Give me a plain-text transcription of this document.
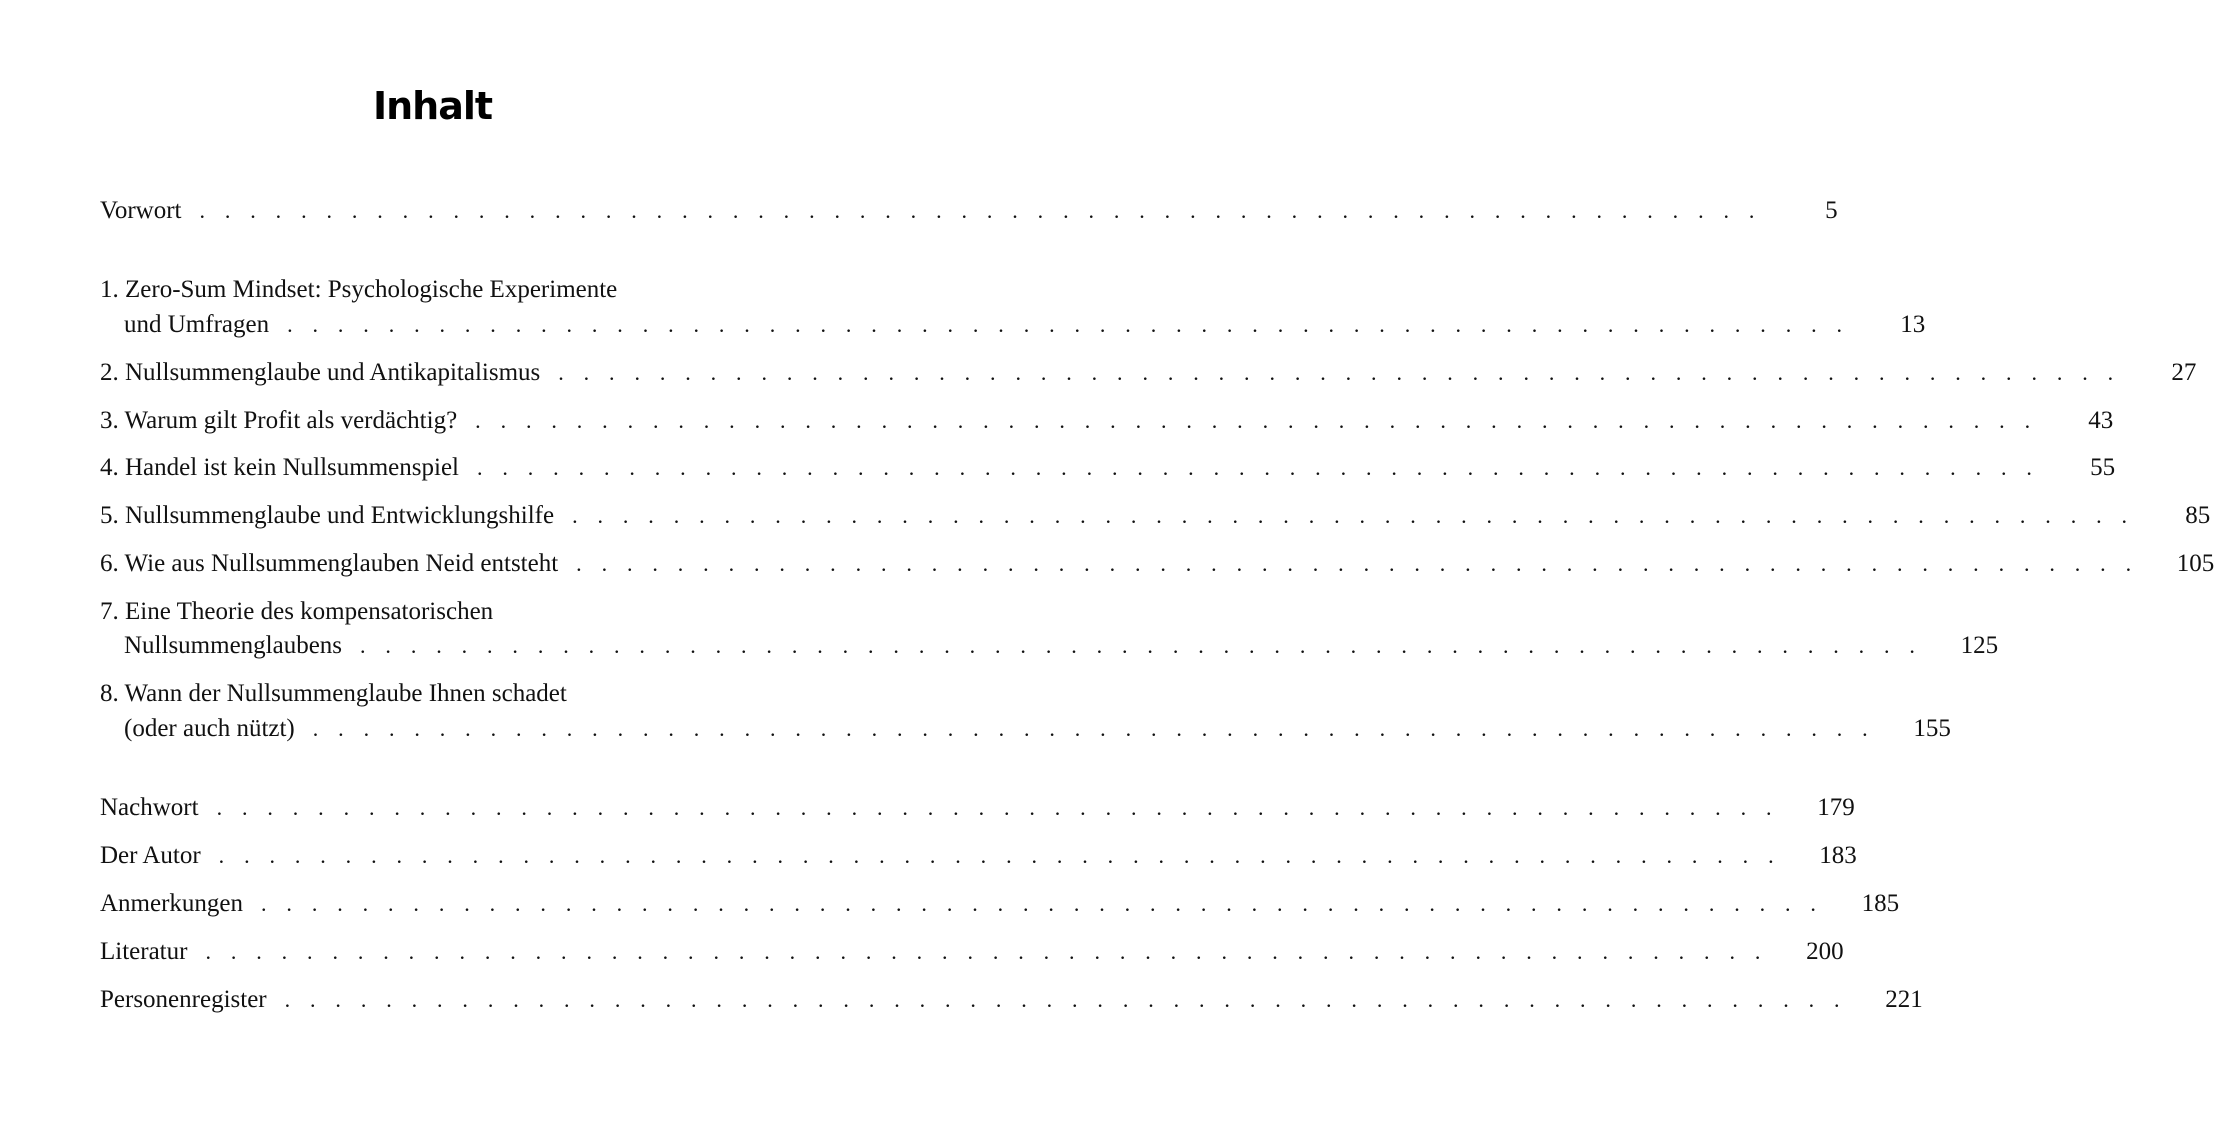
Inhalt
Vorwort . . . . . . . . . . . . . . . . . . . . . . . . . . . . . . . . . . . . . . . . . . . . . . . . . . . . . . . . . . . . . .	5
1. Zero-Sum Mindset: Psychologische Experimente
und Umfragen . . . . . . . . . . . . . . . . . . . . . . . . . . . . . . . . . . . . . . . . . . . . . . . . . . . . . . . . . . . . . .	13
2. Nullsummenglaube und Antikapitalismus . . . . . . . . . . . . . . . . . . . . . . . . . . . . . . . . . . . . . . . . . . . . . . . . . . . . . . . . . . . . . .	27
3. Warum gilt Profit als verdächtig? . . . . . . . . . . . . . . . . . . . . . . . . . . . . . . . . . . . . . . . . . . . . . . . . . . . . . . . . . . . . . .	43
4. Handel ist kein Nullsummenspiel . . . . . . . . . . . . . . . . . . . . . . . . . . . . . . . . . . . . . . . . . . . . . . . . . . . . . . . . . . . . . .	55
5. Nullsummenglaube und Entwicklungshilfe . . . . . . . . . . . . . . . . . . . . . . . . . . . . . . . . . . . . . . . . . . . . . . . . . . . . . . . . . . . . . .	85
6. Wie aus Nullsummenglauben Neid entsteht . . . . . . . . . . . . . . . . . . . . . . . . . . . . . . . . . . . . . . . . . . . . . . . . . . . . . . . . . . . . . . 105
7. Eine Theorie des kompensatorischen
Nullsummenglaubens . . . . . . . . . . . . . . . . . . . . . . . . . . . . . . . . . . . . . . . . . . . . . . . . . . . . . . . . . . . . . . 125
8. Wann der Nullsummenglaube Ihnen schadet
(oder auch nützt) . . . . . . . . . . . . . . . . . . . . . . . . . . . . . . . . . . . . . . . . . . . . . . . . . . . . . . . . . . . . . . 155
Nachwort . . . . . . . . . . . . . . . . . . . . . . . . . . . . . . . . . . . . . . . . . . . . . . . . . . . . . . . . . . . . . . 179
Der Autor . . . . . . . . . . . . . . . . . . . . . . . . . . . . . . . . . . . . . . . . . . . . . . . . . . . . . . . . . . . . . . 183
Anmerkungen . . . . . . . . . . . . . . . . . . . . . . . . . . . . . . . . . . . . . . . . . . . . . . . . . . . . . . . . . . . . . . 185
Literatur . . . . . . . . . . . . . . . . . . . . . . . . . . . . . . . . . . . . . . . . . . . . . . . . . . . . . . . . . . . . . . 200
Personenregister . . . . . . . . . . . . . . . . . . . . . . . . . . . . . . . . . . . . . . . . . . . . . . . . . . . . . . . . . . . . . . 221
